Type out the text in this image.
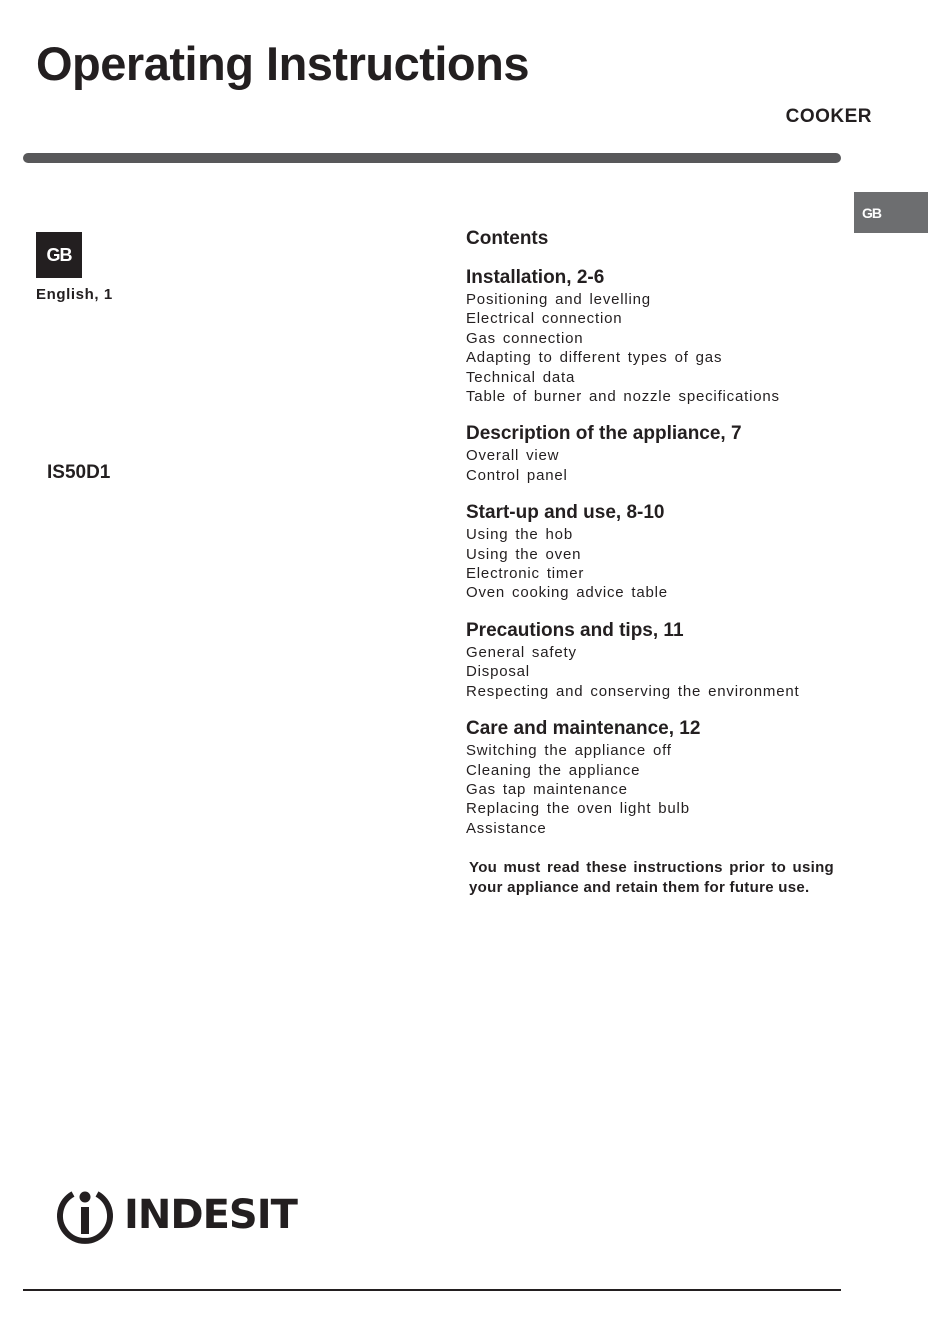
Operating Instructions
COOKER
GB
GB
English, 1
IS50D1
Contents
Installation, 2-6
Positioning and levelling
Electrical connection
Gas connection
Adapting to different types of gas
Technical data
Table of burner and nozzle specifications
Description of the appliance, 7
Overall view
Control panel
Start-up and use, 8-10
Using the hob
Using the oven
Electronic timer
Oven cooking advice table
Precautions and tips, 11
General safety
Disposal
Respecting and conserving the environment
Care and maintenance, 12
Switching the appliance off
Cleaning the appliance
Gas tap maintenance
Replacing the oven light bulb
Assistance
You must read these instructions prior to using your appliance and retain them for future use.
INDESIT
